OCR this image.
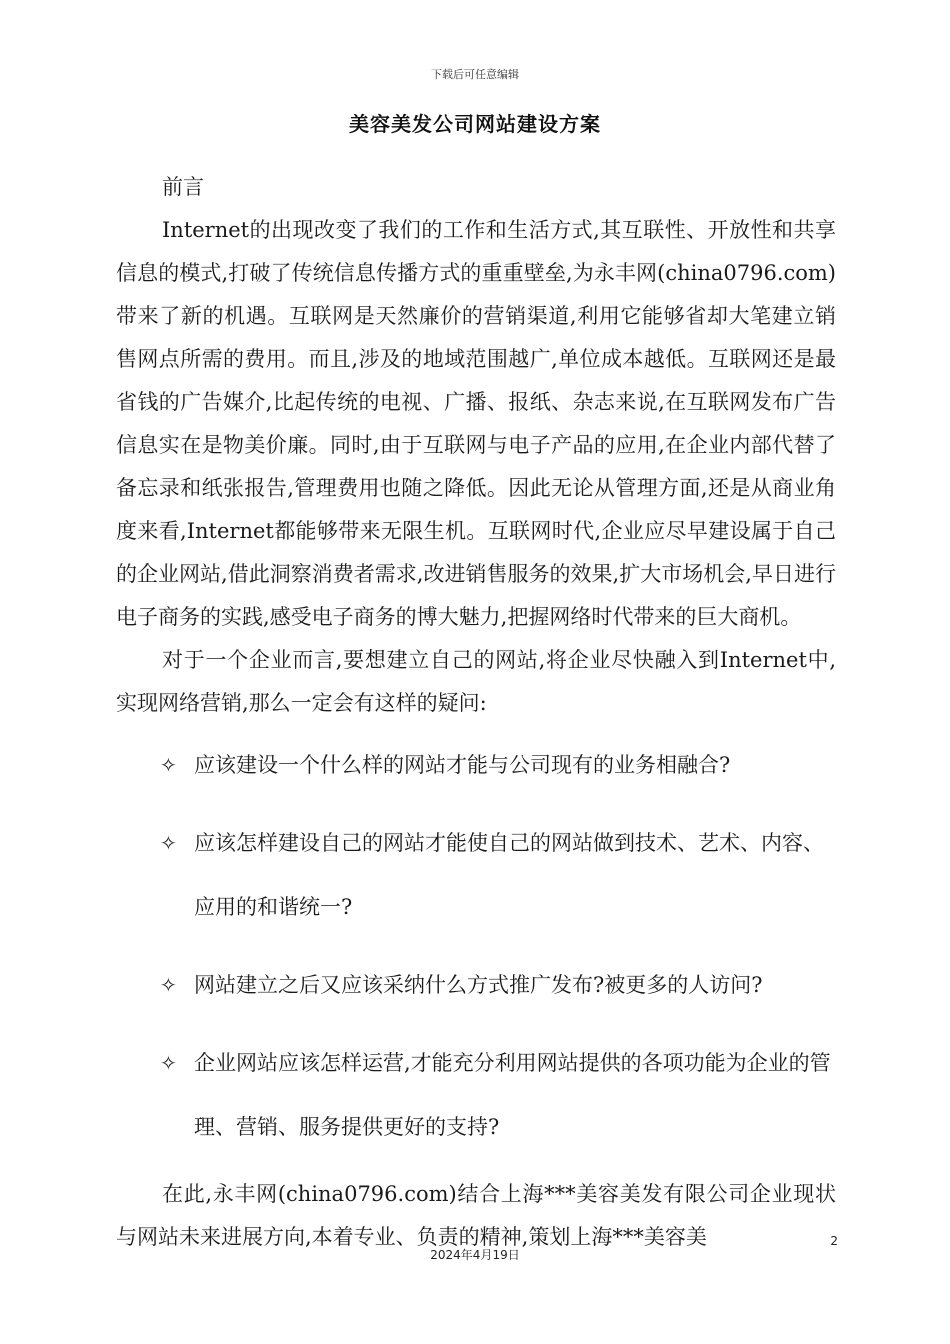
下载后可任意编辑
美容美发公司网站建设方案

前言

Internet的出现改变了我们的工作和生活方式,其互联性、开放性和共享信息的模式,打破了传统信息传播方式的重重壁垒,为永丰网(china0796.com)带来了新的机遇。互联网是天然廉价的营销渠道,利用它能够省却大笔建立销售网点所需的费用。而且,涉及的地域范围越广,单位成本越低。互联网还是最省钱的广告媒介,比起传统的电视、广播、报纸、杂志来说,在互联网发布广告信息实在是物美价廉。同时,由于互联网与电子产品的应用,在企业内部代替了备忘录和纸张报告,管理费用也随之降低。因此无论从管理方面,还是从商业角度来看,Internet都能够带来无限生机。互联网时代,企业应尽早建设属于自己的企业网站,借此洞察消费者需求,改进销售服务的效果,扩大市场机会,早日进行电子商务的实践,感受电子商务的博大魅力,把握网络时代带来的巨大商机。

对于一个企业而言,要想建立自己的网站,将企业尽快融入到Internet中,实现网络营销,那么一定会有这样的疑问:

✧ 应该建设一个什么样的网站才能与公司现有的业务相融合?
✧ 应该怎样建设自己的网站才能使自己的网站做到技术、艺术、内容、应用的和谐统一?
✧ 网站建立之后又应该采纳什么方式推广发布?被更多的人访问?
✧ 企业网站应该怎样运营,才能充分利用网站提供的各项功能为企业的管理、营销、服务提供更好的支持?

在此,永丰网(china0796.com)结合上海***美容美发有限公司企业现状与网站未来进展方向,本着专业、负责的精神,策划上海***美容美	2
2024年4月19日
